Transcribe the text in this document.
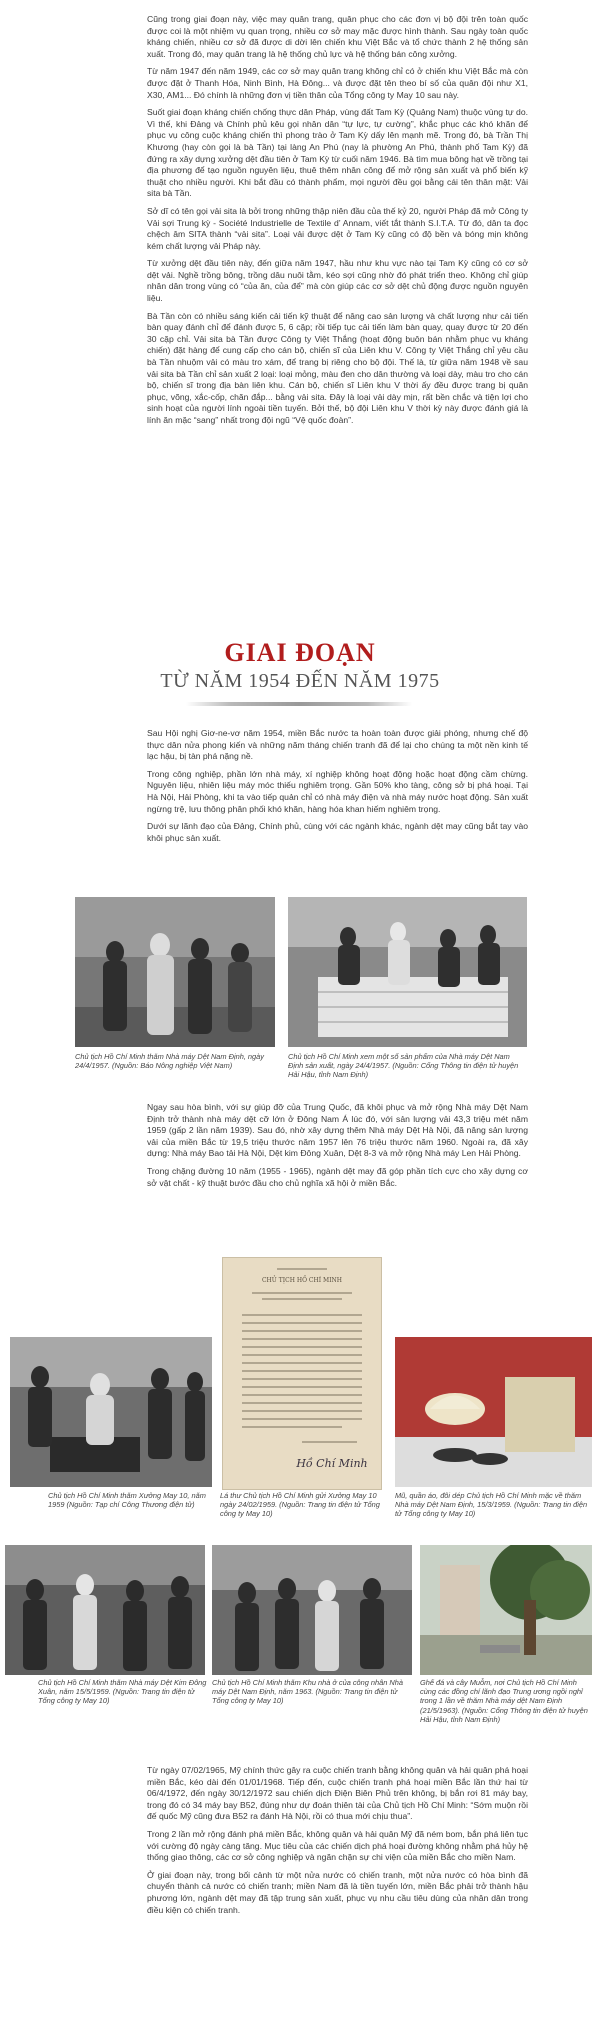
Cũng trong giai đoạn này, việc may quân trang, quân phục cho các đơn vị bộ đội trên toàn quốc được coi là một nhiệm vụ quan trọng, nhiều cơ sở may mặc được hình thành. Sau ngày toàn quốc kháng chiến, nhiều cơ sở đã được di dời lên chiến khu Việt Bắc và tổ chức thành 2 hệ thống sản xuất. Trong đó, may quân trang là hệ thống chủ lực và hệ thống bán công xưởng.

Từ năm 1947 đến năm 1949, các cơ sở may quân trang không chỉ có ở chiến khu Việt Bắc mà còn được đặt ở Thanh Hóa, Ninh Bình, Hà Đông... và được đặt tên theo bí số của quân đội như X1, X30, AM1... Đó chính là những đơn vị tiền thân của Tổng công ty May 10 sau này.

Suốt giai đoạn kháng chiến chống thực dân Pháp, vùng đất Tam Kỳ (Quảng Nam) thuộc vùng tự do. Vì thế, khi Đảng và Chính phủ kêu gọi nhân dân “tự lực, tự cường”, khắc phục các khó khăn để phục vụ công cuộc kháng chiến thì phong trào ở Tam Kỳ dấy lên mạnh mẽ. Trong đó, bà Trần Thị Khương (hay còn gọi là bà Tần) tại làng An Phú (nay là phường An Phú, thành phố Tam Kỳ) đã đứng ra xây dựng xưởng dệt đầu tiên ở Tam Kỳ từ cuối năm 1946. Bà tìm mua bông hạt về trồng tại địa phương để tạo nguồn nguyên liệu, thuê thêm nhân công để mở rộng sản xuất và phổ biến kỹ thuật cho nhiều người. Khi bắt đầu có thành phẩm, mọi người đều gọi bằng cái tên thân mật: Vải sita bà Tần.

Sở dĩ có tên gọi vải sita là bởi trong những thập niên đầu của thế kỷ 20, người Pháp đã mở Công ty Vải sợi Trung kỳ - Société Industrielle de Textile d’ Annam, viết tắt thành S.I.T.A. Từ đó, dân ta đọc chệch âm SITA thành “vải sita”. Loại vải được dệt ở Tam Kỳ cũng có độ bền và bóng mịn không kém chất lượng vải Pháp này.

Từ xưởng dệt đầu tiên này, đến giữa năm 1947, hầu như khu vực nào tại Tam Kỳ cũng có cơ sở dệt vải. Nghề trồng bông, trồng dâu nuôi tằm, kéo sợi cũng nhờ đó phát triển theo. Không chỉ giúp nhân dân trong vùng có “của ăn, của để” mà còn giúp các cơ sở dệt chủ động được nguồn nguyên liệu.

Bà Tần còn có nhiều sáng kiến cải tiến kỹ thuật để nâng cao sản lượng và chất lượng như cải tiến bàn quay đánh chỉ để đánh được 5, 6 cặp; rồi tiếp tục cải tiến làm bàn quay, quay được từ 20 đến 30 cặp chỉ. Vải sita bà Tần được Công ty Việt Thắng (hoạt động buôn bán nhằm phục vụ kháng chiến) đặt hàng để cung cấp cho cán bộ, chiến sĩ của Liên khu V. Công ty Việt Thắng chỉ yêu cầu bà Tần nhuộm vải có màu tro xám, để trang bị riêng cho bộ đội. Thế là, từ giữa năm 1948 về sau vải sita bà Tần chỉ sản xuất 2 loại: loại mỏng, màu đen cho dân thường và loại dày, màu tro cho cán bộ, chiến sĩ trong địa bàn liên khu. Cán bộ, chiến sĩ Liên khu V thời ấy đều được trang bị quân phục, võng, xắc-cốp, chăn đắp... bằng vải sita. Đây là loại vải dày mịn, rất bền chắc và tiện lợi cho sinh hoạt của người lính ngoài tiền tuyến. Bởi thế, bộ đội Liên khu V thời kỳ này được đánh giá là lính ăn mặc “sang” nhất trong đội ngũ “Vệ quốc đoàn”.

GIAI ĐOẠN
TỪ NĂM 1954 ĐẾN NĂM 1975

Sau Hội nghị Giơ-ne-vơ năm 1954, miền Bắc nước ta hoàn toàn được giải phóng, nhưng chế độ thực dân nửa phong kiến và những năm tháng chiến tranh đã để lại cho chúng ta một nền kinh tế lạc hậu, bị tàn phá nặng nề.

Trong công nghiệp, phần lớn nhà máy, xí nghiệp không hoạt động hoặc hoạt động cầm chừng. Nguyên liệu, nhiên liệu máy móc thiếu nghiêm trọng. Gần 50% kho tàng, công sở bị phá hoại. Tại Hà Nội, Hải Phòng, khi ta vào tiếp quản chỉ có nhà máy điện và nhà máy nước hoạt động. Sản xuất ngừng trệ, lưu thông phân phối khó khăn, hàng hóa khan hiếm nghiêm trọng.

Dưới sự lãnh đạo của Đảng, Chính phủ, cùng với các ngành khác, ngành dệt may cũng bắt tay vào khôi phục sản xuất.

Chủ tịch Hồ Chí Minh thăm Nhà máy Dệt Nam Định, ngày 24/4/1957. (Nguồn: Báo Nông nghiệp Việt Nam)
Chủ tịch Hồ Chí Minh xem một số sản phẩm của Nhà máy Dệt Nam Định sản xuất, ngày 24/4/1957. (Nguồn: Cổng Thông tin điện tử huyện Hải Hậu, tỉnh Nam Định)

Ngay sau hòa bình, với sự giúp đỡ của Trung Quốc, đã khôi phục và mở rộng Nhà máy Dệt Nam Định trở thành nhà máy dệt cỡ lớn ở Đông Nam Á lúc đó, với sản lượng vải 43,3 triệu mét năm 1959 (gấp 2 lần năm 1939). Sau đó, nhờ xây dựng thêm Nhà máy Dệt Hà Nội, đã nâng sản lượng vải của miền Bắc từ 19,5 triệu thước năm 1957 lên 76 triệu thước năm 1960. Ngoài ra, đã xây dựng: Nhà máy Bao tải Hà Nội, Dệt kim Đông Xuân, Dệt 8-3 và mở rộng Nhà máy Len Hải Phòng.

Trong chặng đường 10 năm (1955 - 1965), ngành dệt may đã góp phần tích cực cho xây dựng cơ sở vật chất - kỹ thuật bước đầu cho chủ nghĩa xã hội ở miền Bắc.

CHỦ TỊCH HỒ CHÍ MINH
Hồ Chí Minh
Chủ tịch Hồ Chí Minh thăm Xưởng May 10, năm 1959 (Nguồn: Tạp chí Công Thương điện tử)
Lá thư Chủ tịch Hồ Chí Minh gửi Xưởng May 10 ngày 24/02/1959. (Nguồn: Trang tin điện tử Tổng công ty May 10)
Mũ, quần áo, đôi dép Chủ tịch Hồ Chí Minh mặc về thăm Nhà máy Dệt Nam Định, 15/3/1959. (Nguồn: Trang tin điện tử Tổng công ty May 10)
Chủ tịch Hồ Chí Minh thăm Nhà máy Dệt Kim Đông Xuân, năm 15/5/1959. (Nguồn: Trang tin điện tử Tổng công ty May 10)
Chủ tịch Hồ Chí Minh thăm Khu nhà ở của công nhân Nhà máy Dệt Nam Định, năm 1963. (Nguồn: Trang tin điện tử Tổng công ty May 10)
Ghế đá và cây Muỗm, nơi Chủ tịch Hồ Chí Minh cùng các đồng chí lãnh đạo Trung ương ngồi nghỉ trong 1 lần về thăm Nhà máy dệt Nam Định (21/5/1963). (Nguồn: Cổng Thông tin điện tử huyện Hải Hậu, tỉnh Nam Định)

Từ ngày 07/02/1965, Mỹ chính thức gây ra cuộc chiến tranh bằng không quân và hải quân phá hoại miền Bắc, kéo dài đến 01/01/1968. Tiếp đến, cuộc chiến tranh phá hoại miền Bắc lần thứ hai từ 06/4/1972, đến ngày 30/12/1972 sau chiến dịch Điện Biên Phủ trên không, bị bắn rơi 81 máy bay, trong đó có 34 máy bay B52, đúng như dự đoán thiên tài của Chủ tịch Hồ Chí Minh: “Sớm muộn rồi đế quốc Mỹ cũng đưa B52 ra đánh Hà Nội, rồi có thua mới chịu thua”.

Trong 2 lần mở rộng đánh phá miền Bắc, không quân và hải quân Mỹ đã ném bom, bắn phá liên tục với cường độ ngày càng tăng. Mục tiêu của các chiến dịch phá hoại đường không nhằm phá hủy hệ thống giao thông, các cơ sở công nghiệp và ngăn chặn sự chi viện của miền Bắc cho miền Nam.

Ở giai đoạn này, trong bối cảnh từ một nửa nước có chiến tranh, một nửa nước có hòa bình đã chuyển thành cả nước có chiến tranh; miền Nam đã là tiền tuyến lớn, miền Bắc phải trở thành hậu phương lớn, ngành dệt may đã tập trung sản xuất, phục vụ nhu cầu tiêu dùng của nhân dân trong điều kiện có chiến tranh.
